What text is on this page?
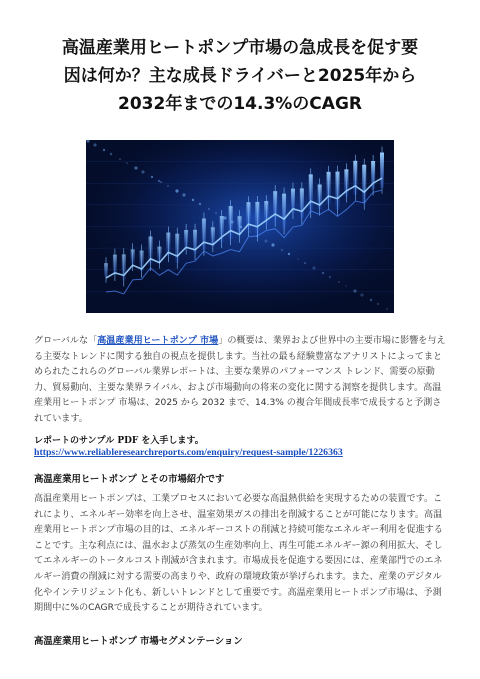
高温産業用ヒートポンプ市場の急成長を促す要
因は何か？主な成長ドライバーと2025年から
2032年までの14.3%のCAGR

グローバルな「高温産業用ヒートポンプ 市場」の概要は、業界および世界中の主要市場に影響を与える主要なトレンドに関する独自の視点を提供します。当社の最も経験豊富なアナリストによってまとめられたこれらのグローバル業界レポートは、主要な業界のパフォーマンス トレンド、需要の原動力、貿易動向、主要な業界ライバル、および市場動向の将来の変化に関する洞察を提供します。高温産業用ヒートポンプ 市場は、2025 から 2032 まで、14.3% の複合年間成長率で成長すると予測されています。

レポートのサンプル PDF を入手します。
https://www.reliableresearchreports.com/enquiry/request-sample/1226363
高温産業用ヒートポンプ とその市場紹介です

高温産業用ヒートポンプは、工業プロセスにおいて必要な高温熱供給を実現するための装置です。これにより、エネルギー効率を向上させ、温室効果ガスの排出を削減することが可能になります。高温産業用ヒートポンプ市場の目的は、エネルギーコストの削減と持続可能なエネルギー利用を促進することです。主な利点には、温水および蒸気の生産効率向上、再生可能エネルギー源の利用拡大、そしてエネルギーのトータルコスト削減が含まれます。市場成長を促進する要因には、産業部門でのエネルギー消費の削減に対する需要の高まりや、政府の環境政策が挙げられます。また、産業のデジタル化やインテリジェント化も、新しいトレンドとして重要です。高温産業用ヒートポンプ市場は、予測期間中に%のCAGRで成長することが期待されています。

高温産業用ヒートポンプ 市場セグメンテーション
